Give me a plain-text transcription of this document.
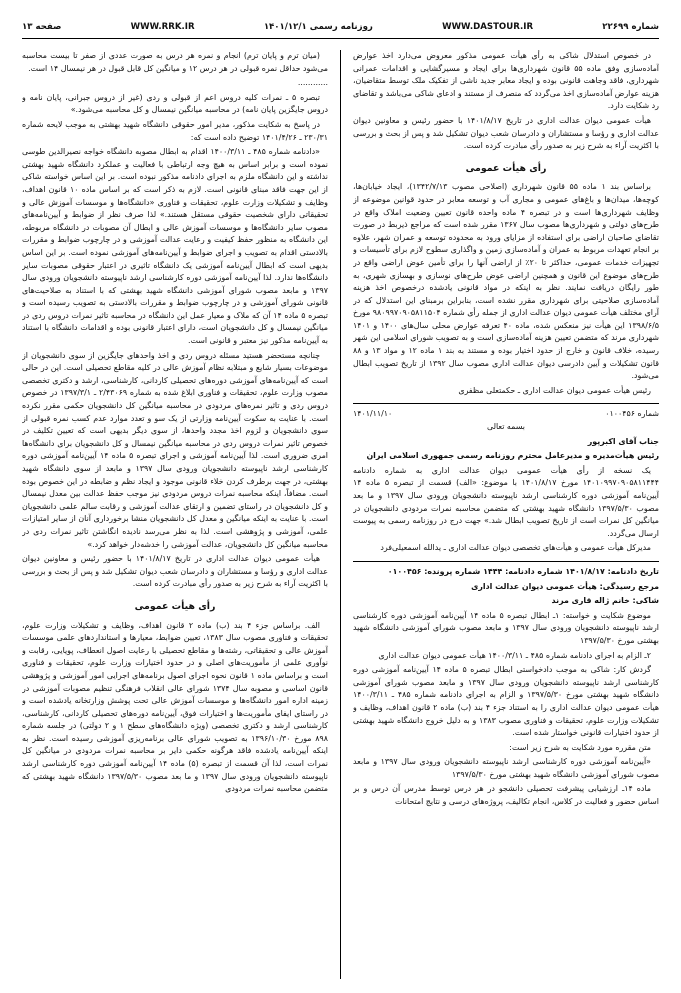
صفحه ۱۳	WWW.RRK.IR	روزنامه رسمی ۱۴۰۱/۱۲/۱	WWW.DASTOUR.IR	شماره ۲۲۶۹۹

در خصوص استدلال شاکی به رأی هیأت عمومی مذکور معروض می‌دارد اخذ عوارض آماده‌سازی وفق ماده ۵۵ قانون شهرداری‌ها برای ایجاد و مسیرگشایی و اقدامات عمرانی شهرداری، فاقد وجاهت قانونی بوده و ایجاد معابر جدید ناشی از تفکیک ملک توسط متقاضیان، هزینه عوارض آماده‌سازی اخذ می‌گردد که منصرف از مستند و ادعای شاکی می‌باشد و تقاضای رد شکایت دارد.

هیأت عمومی دیوان عدالت اداری در تاریخ ۱۴۰۱/۸/۱۷ با حضور رئیس و معاونین دیوان عدالت اداری و رؤسا و مستشاران و دادرسان شعب دیوان تشکیل شد و پس از بحث و بررسی با اکثریت آراء به شرح زیر به صدور رأی مبادرت کرده است.

رأی هیأت عمومی

براساس بند ۱ ماده ۵۵ قانون شهرداری (اصلاحی مصوب ۱۳۴۲/۷/۱۳)، ایجاد خیابان‌ها، کوچه‌ها، میدان‌ها و باغ‌های عمومی و مجاری آب و توسعه معابر در حدود قوانین موضوعه از وظایف شهرداری‌ها است و در تبصره ۴ ماده واحده قانون تعیین وضعیت املاک واقع در طرح‌های دولتی و شهرداری‌ها مصوب سال ۱۳۶۷ مقرر شده است که مراجع ذیربط در صورت تقاضای صاحبان اراضی برای استفاده از مزایای ورود به محدوده توسعه و عمران شهر، علاوه بر انجام تعهدات مربوط به عمران و آماده‌سازی زمین و واگذاری سطوح لازم برای تأسیسات و تجهیزات خدمات عمومی، حداکثر تا ۲۰٪ از اراضی آنها را برای تأمین عوض اراضی واقع در طرح‌های موضوع این قانون و همچنین اراضی عوض طرح‌های نوسازی و بهسازی شهری، به طور رایگان دریافت نمایند. نظر به اینکه در مواد قانونی یادشده درخصوص اخذ هزینه آماده‌سازی صلاحیتی برای شهرداری مقرر نشده است، بنابراین برمبنای این استدلال که در آرای مختلف هیأت عمومی دیوان عدالت اداری از جمله رأی شماره ۹۸۰۹۹۷۰۹۰۵۸۱۱۵۰۴ مورخ ۱۳۹۸/۶/۵ این هیأت نیز منعکس شده، ماده ۴۰ تعرفه عوارض محلی سال‌های ۱۴۰۰ و ۱۴۰۱ شهرداری مرند که متضمن تعیین هزینه آماده‌سازی است و به تصویب شورای اسلامی این شهر رسیده، خلاف قانون و خارج از حدود اختیار بوده و مستند به بند ۱ ماده ۱۲ و مواد ۱۳ و ۸۸ قانون تشکیلات و آیین دادرسی دیوان عدالت اداری مصوب سال ۱۳۹۲ از تاریخ تصویب ابطال می‌شود.

رئیس هیأت عمومی دیوان عدالت اداری ـ حکمتعلی مظفری

شماره ۰۱۰۰۴۵۶
۱۴۰۱/۱۱/۱۰

بسمه تعالی

جناب آقای اکبرپور

رئیس هیأت‌مدیره و مدیرعامل محترم روزنامه رسمی جمهوری اسلامی ایران

یک نسخه از رأی هیأت عمومی دیوان عدالت اداری به شماره دادنامه ۱۴۰۱۰۹۹۷۰۹۰۵۸۱۱۴۴۴ مورخ ۱۴۰۱/۸/۱۷ با موضوع: «الف) قسمت از تبصره ۵ ماده ۱۴ آیین‌نامه آموزشی دوره کارشناسی ارشد ناپیوسته دانشجویان ورودی سال ۱۳۹۷ و ما بعد مصوب ۱۳۹۷/۵/۳۰ دانشگاه شهید بهشتی که متضمن محاسبه نمرات مردودی دانشجویان در میانگین کل نمرات است از تاریخ تصویب ابطال شد.» جهت درج در روزنامه رسمی به پیوست ارسال می‌گردد.

مدیرکل هیأت عمومی و هیأت‌های تخصصی دیوان عدالت اداری ـ یدالله اسمعیلی‌فرد

تاریخ دادنامه: ۱۴۰۱/۸/۱۷ شماره دادنامه: ۱۴۴۴ شماره پرونده: ۰۱۰۰۴۵۶

مرجع رسیدگی: هیأت عمومی دیوان عدالت اداری

شاکی: خانم ژاله قاری مرند

موضوع شکایت و خواسته: ۱ـ ابطال تبصره ۵ ماده ۱۴ آیین‌نامه آموزشی دوره کارشناسی ارشد ناپیوسته دانشجویان ورودی سال ۱۳۹۷ و مابعد مصوب شورای آموزشی دانشگاه شهید بهشتی مورخ ۱۳۹۷/۵/۳۰

۲ـ الزام به اجرای دادنامه شماره ۴۸۵ ـ ۱۴۰۰/۳/۱۱ هیأت عمومی دیوان عدالت اداری

گردش کار: شاکی به موجب دادخواستی ابطال تبصره ۵ ماده ۱۴ آیین‌نامه آموزشی دوره کارشناسی ارشد ناپیوسته دانشجویان ورودی سال ۱۳۹۷ و مابعد مصوب شورای آموزشی دانشگاه شهید بهشتی مورخ ۱۳۹۷/۵/۳۰ و الزام به اجرای دادنامه شماره ۴۸۵ ـ ۱۴۰۰/۳/۱۱ هیأت عمومی دیوان عدالت اداری را به استناد جزء ۴ بند (ب) ماده ۲ قانون اهداف، وظایف و تشکیلات وزارت علوم، تحقیقات و فناوری مصوب ۱۳۸۳ و به دلیل خروج دانشگاه شهید بهشتی از حدود اختیارات قانونی خواستار شده است.

متن مقرره مورد شکایت به شرح زیر است:

«آیین‌نامه آموزشی دوره کارشناسی ارشد ناپیوسته دانشجویان ورودی سال ۱۳۹۷ و مابعد مصوب شورای آموزشی دانشگاه شهید بهشتی مورخ ۱۳۹۷/۵/۳۰

ماده ۱۴ـ ارزشیابی پیشرفت تحصیلی دانشجو در هر درس توسط مدرس آن درس و بر اساس حضور و فعالیت در کلاس، انجام تکالیف، پروژه‌های درسی و نتایج امتحانات

(میان ترم و پایان ترم) انجام و نمره هر درس به صورت عددی از صفر تا بیست محاسبه می‌شود حداقل نمره قبولی در هر درس ۱۲ و میانگین کل قابل قبول در هر نیمسال ۱۴ است.

............

تبصره ۵ ـ نمرات کلیه دروس اعم از قبولی و ردی (غیر از دروس جبرانی، پایان نامه و دروس جایگزین پایان نامه) در محاسبه میانگین نیمسال و کل محاسبه می‌شود.»

در پاسخ به شکایت مذکور، مدیر امور حقوقی دانشگاه شهید بهشتی به موجب لایحه شماره ۲۳۰/۳۱ ـ ۱۴۰۱/۴/۲۶ توضیح داده است که:

«دادنامه شماره ۴۸۵ ـ ۱۴۰۰/۳/۱۱ اقدام به ابطال مصوبه دانشگاه خواجه نصیرالدین طوسی نموده است و برابر اساس به هیچ وجه ارتباطی با فعالیت و عملکرد دانشگاه شهید بهشتی نداشته و این دانشگاه ملزم به اجرای دادنامه مذکور نبوده است. بر این اساس خواسته شاکی از این جهت فاقد مبنای قانونی است. لازم به ذکر است که بر اساس ماده ۱۰ قانون اهداف، وظایف و تشکیلات وزارت علوم، تحقیقات و فناوری «دانشگاه‌ها و موسسات آموزش عالی و تحقیقاتی دارای شخصیت حقوقی مستقل هستند.» لذا صرف نظر از ضوابط و آیین‌نامه‌های مصوب سایر دانشگاه‌ها و موسسات آموزش عالی و ابطال آن مصوبات در دانشگاه مربوطه، این دانشگاه به منظور حفظ کیفیت و رعایت عدالت آموزشی و در چارچوب ضوابط و مقررات بالادستی اقدام به تصویب و اجرای ضوابط و آیین‌نامه‌های آموزشی نموده است. بر این اساس بدیهی است که ابطال آیین‌نامه آموزشی یک دانشگاه تاثیری در اعتبار حقوقی مصوبات سایر دانشگاه‌ها ندارد. لذا آیین‌نامه آموزشی دوره کارشناسی ارشد ناپیوسته دانشجویان ورودی سال ۱۳۹۷ و مابعد مصوب شورای آموزشی دانشگاه شهید بهشتی که با استناد به صلاحیت‌های قانونی شورای آموزشی و در چارچوب ضوابط و مقررات بالادستی به تصویب رسیده است و تبصره ۵ ماده ۱۴ آن که ملاک و معیار عمل این دانشگاه در محاسبه تاثیر نمرات دروس ردی در میانگین نیمسال و کل دانشجویان است، دارای اعتبار قانونی بوده و اقدامات دانشگاه با استناد به آیین‌نامه مذکور نیز معتبر و قانونی است.

چنانچه مستحضر هستید مسئله دروس ردی و اخذ واحدهای جایگزین از سوی دانشجویان از موضوعات بسیار شایع و مبتلابه نظام آموزش عالی در کلیه مقاطع تحصیلی است. این در حالی است که آیین‌نامه‌های آموزشی دوره‌های تحصیلی کاردانی، کارشناسی، ارشد و دکتری تخصصی مصوب وزارت علوم، تحقیقات و فناوری ابلاغ شده به شماره ۲/۴۳۰۶۹ ـ ۱۳۹۷/۳/۱ در خصوص دروس ردی و تاثیر نمره‌های مردودی در محاسبه میانگین کل دانشجویان حکمی مقرر نکرده است. با عنایت به سکوت آیین‌نامه وزارتی از یک سو و تعدد موارد عدم کسب نمره قبولی از سوی دانشجویان و لزوم اخذ مجدد واحدها، از سوی دیگر بدیهی است که تعیین تکلیف در خصوص تاثیر نمرات دروس ردی در محاسبه میانگین نیمسال و کل دانشجویان برای دانشگاه‌ها امری ضروری است. لذا آیین‌نامه آموزشی و اجرای تبصره ۵ ماده ۱۴ آیین‌نامه آموزشی دوره کارشناسی ارشد ناپیوسته دانشجویان ورودی سال ۱۳۹۷ و مابعد از سوی دانشگاه شهید بهشتی، در جهت برطرف کردن خلاء قانونی موجود و ایجاد نظم و ضابطه در این خصوص بوده است. مضافاً، اینکه محاسبه نمرات دروس مردودی نیز موجب حفظ عدالت بین معدل نیمسال و کل دانشجویان در راستای تضمین و ارتقای عدالت آموزشی و رقابت سالم علمی دانشجویان است. با عنایت به اینکه میانگین و معدل کل دانشجویان منشا برخورداری آنان از سایر امتیازات علمی، آموزشی و پژوهشی است. لذا به نظر می‌رسد نادیده انگاشتن تاثیر نمرات ردی در محاسبه میانگین کل دانشجویان، عدالت آموزشی را خدشه‌دار خواهد کرد.»

هیأت عمومی دیوان عدالت اداری در تاریخ ۱۴۰۱/۸/۱۷ با حضور رئیس و معاونین دیوان عدالت اداری و رؤسا و مستشاران و دادرسان شعب دیوان تشکیل شد و پس از بحث و بررسی با اکثریت آراء به شرح زیر به صدور رأی مبادرت کرده است.

رأی هیأت عمومی

الف. براساس جزء ۴ بند (ب) ماده ۲ قانون اهداف، وظایف و تشکیلات وزارت علوم، تحقیقات و فناوری مصوب سال ۱۳۸۳، تعیین ضوابط، معیارها و استانداردهای علمی موسسات آموزش عالی و تحقیقاتی، رشته‌ها و مقاطع تحصیلی با رعایت اصول انعطاف، پویایی، رقابت و نوآوری علمی از مأموریت‌های اصلی و در حدود اختیارات وزارت علوم، تحقیقات و فناوری است و براساس ماده ۱ قانون نحوه اجرای اصول برنامه‌های اجرایی امور آموزشی و پژوهشی قانون اساسی و مصوبه سال ۱۳۷۴ شورای عالی انقلاب فرهنگی تنظیم مصوبات آموزشی در زمینه اداره امور دانشگاه‌ها و موسسات آموزش عالی تحت پوشش وزارتخانه یادشده است و در راستای ایفای مأموریت‌ها و اختیارات فوق، آیین‌نامه دوره‌های تحصیلی کاردانی، کارشناسی، کارشناسی ارشد و دکتری تخصصی (ویژه دانشگاه‌های سطح ۱ و ۲ دولتی) در جلسه شماره ۸۹۸ مورخ ۱۳۹۶/۱۰/۳۰ به تصویب شورای عالی برنامه‌ریزی آموزشی رسیده است. نظر به اینکه آیین‌نامه یادشده فاقد هرگونه حکمی دایر بر محاسبه نمرات مردودی در میانگین کل نمرات است، لذا آن قسمت از تبصره (۵) ماده ۱۴ آیین‌نامه آموزشی دوره کارشناسی ارشد ناپیوسته دانشجویان ورودی سال ۱۳۹۷ و ما بعد مصوب ۱۳۹۷/۵/۳۰ دانشگاه شهید بهشتی که متضمن محاسبه نمرات مردودی
